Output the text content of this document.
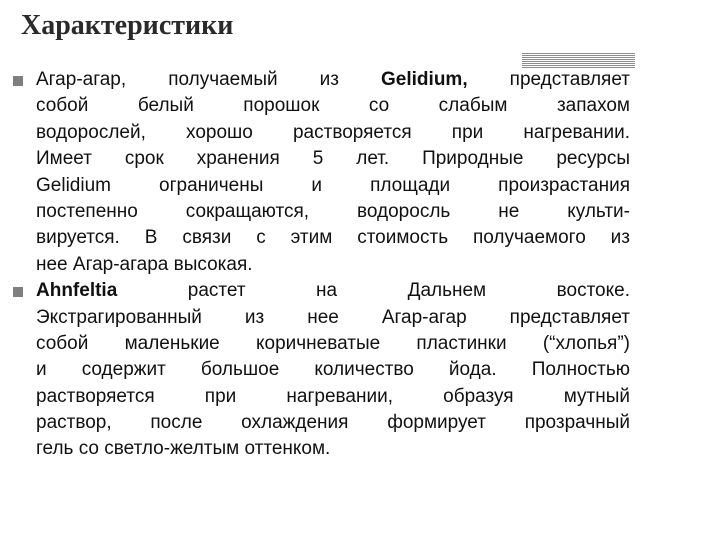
Характеристики
Агар-агар, получаемый из Gelidium, представляет
собой белый порошок со слабым запахом
водорослей, хорошо растворяется при нагревании.
Имеет срок хранения 5 лет. Природные ресурсы
Gelidium ограничены и площади произрастания
постепенно сокращаются, водоросль не культи-
вируется. В связи с этим стоимость получаемого из
нее Агар-агара высокая.
Ahnfeltia растет на Дальнем востоке.
Экстрагированный из нее Агар-агар представляет
собой маленькие коричневатые пластинки (“хлопья”)
и содержит большое количество йода. Полностью
растворяется при нагревании, образуя мутный
раствор, после охлаждения формирует прозрачный
гель со светло-желтым оттенком.
